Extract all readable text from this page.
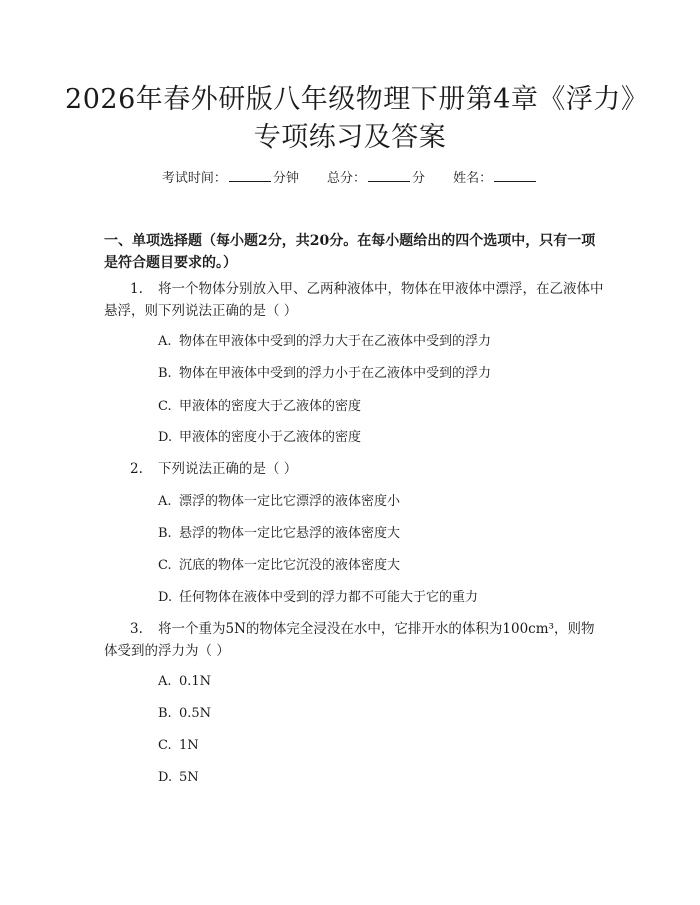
2026年春外研版八年级物理下册第4章《浮力》专项练习及答案
考试时间：	分钟 总分：	分 姓名：

一、单项选择题（每小题2分，共20分。在每小题给出的四个选项中，只有一项是符合题目要求的。）

1. 将一个物体分别放入甲、乙两种液体中，物体在甲液体中漂浮，在乙液体中悬浮，则下列说法正确的是（ ）
A. 物体在甲液体中受到的浮力大于在乙液体中受到的浮力
B. 物体在甲液体中受到的浮力小于在乙液体中受到的浮力
C. 甲液体的密度大于乙液体的密度
D. 甲液体的密度小于乙液体的密度
2. 下列说法正确的是（ ）
A. 漂浮的物体一定比它漂浮的液体密度小
B. 悬浮的物体一定比它悬浮的液体密度大
C. 沉底的物体一定比它沉没的液体密度大
D. 任何物体在液体中受到的浮力都不可能大于它的重力
3. 将一个重为5N的物体完全浸没在水中，它排开水的体积为100cm³，则物体受到的浮力为（ ）
A. 0.1N
B. 0.5N
C. 1N
D. 5N
